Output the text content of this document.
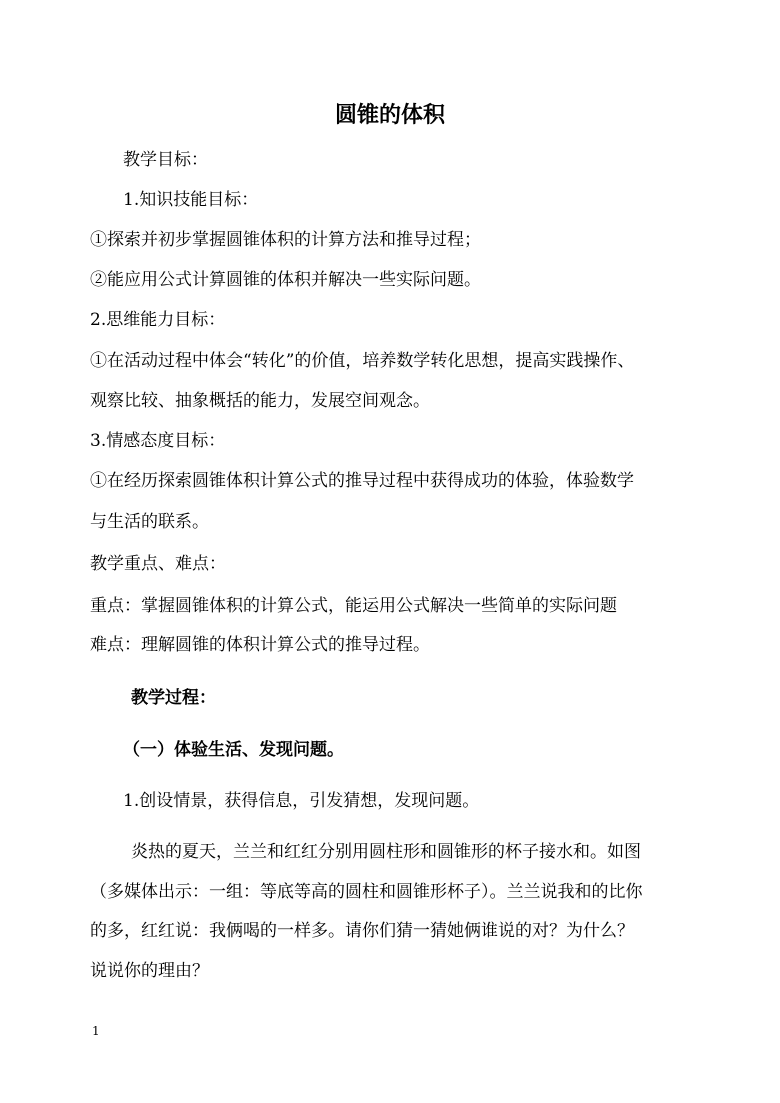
圆锥的体积
教学目标：
1.知识技能目标：
①探索并初步掌握圆锥体积的计算方法和推导过程；
②能应用公式计算圆锥的体积并解决一些实际问题。
2.思维能力目标：
①在活动过程中体会“转化”的价值，培养数学转化思想，提高实践操作、
观察比较、抽象概括的能力，发展空间观念。
3.情感态度目标：
①在经历探索圆锥体积计算公式的推导过程中获得成功的体验，体验数学
与生活的联系。
教学重点、难点：
重点：掌握圆锥体积的计算公式，能运用公式解决一些简单的实际问题
难点：理解圆锥的体积计算公式的推导过程。
教学过程：
（一）体验生活、发现问题。
1.创设情景，获得信息，引发猜想，发现问题。
炎热的夏天，兰兰和红红分别用圆柱形和圆锥形的杯子接水和。如图
（多媒体出示：一组：等底等高的圆柱和圆锥形杯子）。兰兰说我和的比你
的多，红红说：我俩喝的一样多。请你们猜一猜她俩谁说的对？为什么？
说说你的理由？
1
